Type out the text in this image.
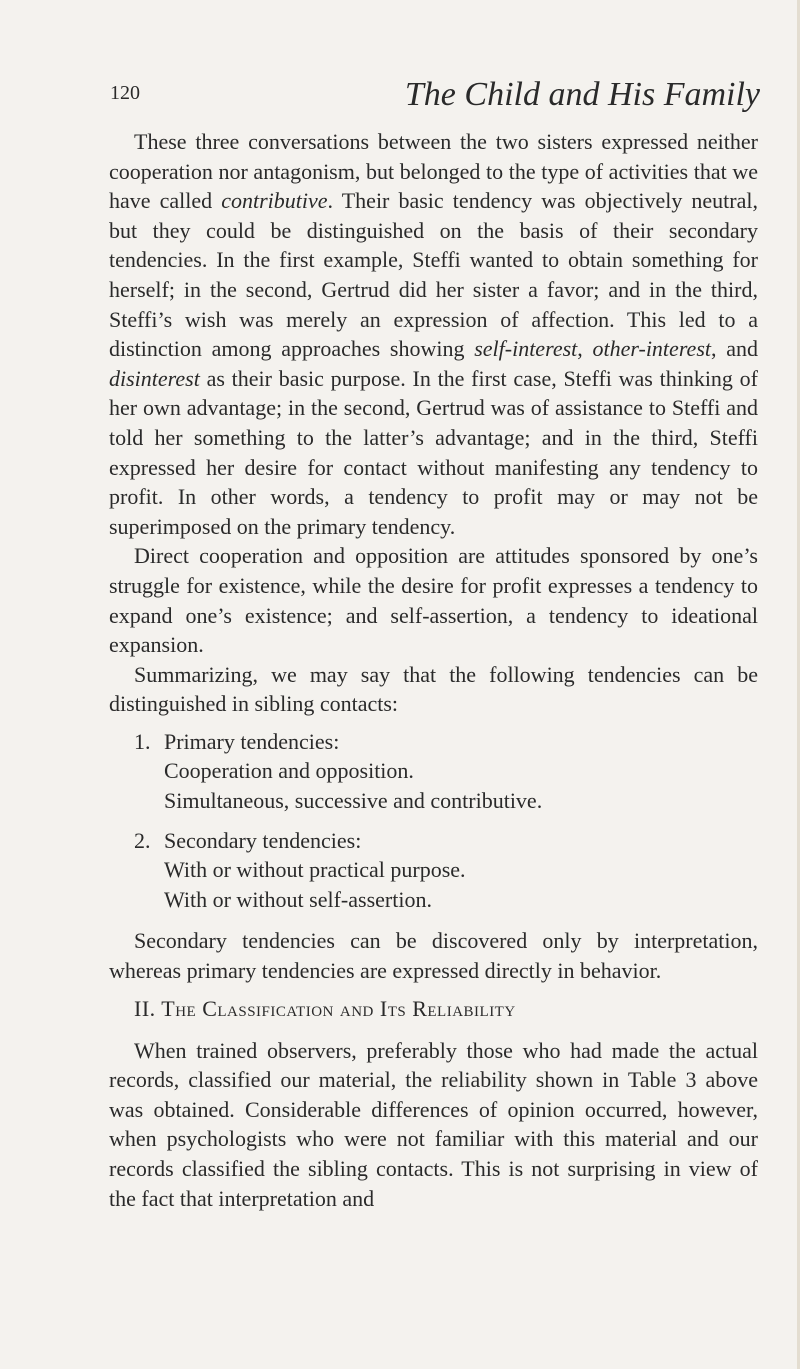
120	The Child and His Family

These three conversations between the two sisters expressed neither cooperation nor antagonism, but belonged to the type of activities that we have called contributive. Their basic tendency was objectively neutral, but they could be distinguished on the basis of their secondary tendencies. In the first example, Steffi wanted to obtain something for herself; in the second, Gertrud did her sister a favor; and in the third, Steffi’s wish was merely an expression of affection. This led to a distinction among approaches showing self-interest, other-interest, and disinterest as their basic purpose. In the first case, Steffi was thinking of her own advantage; in the second, Gertrud was of assistance to Steffi and told her something to the latter’s advantage; and in the third, Steffi expressed her desire for contact without manifesting any tendency to profit. In other words, a tendency to profit may or may not be superimposed on the primary tendency.

Direct cooperation and opposition are attitudes sponsored by one’s struggle for existence, while the desire for profit expresses a tendency to expand one’s existence; and self-assertion, a tendency to ideational expansion.

Summarizing, we may say that the following tendencies can be distinguished in sibling contacts:

1. Primary tendencies:
Cooperation and opposition.
Simultaneous, successive and contributive.
2. Secondary tendencies:
With or without practical purpose.
With or without self-assertion.

Secondary tendencies can be discovered only by interpretation, whereas primary tendencies are expressed directly in behavior.

II. The Classification and Its Reliability

When trained observers, preferably those who had made the actual records, classified our material, the reliability shown in Table 3 above was obtained. Considerable differences of opinion occurred, however, when psychologists who were not familiar with this material and our records classified the sibling contacts. This is not surprising in view of the fact that interpretation and
